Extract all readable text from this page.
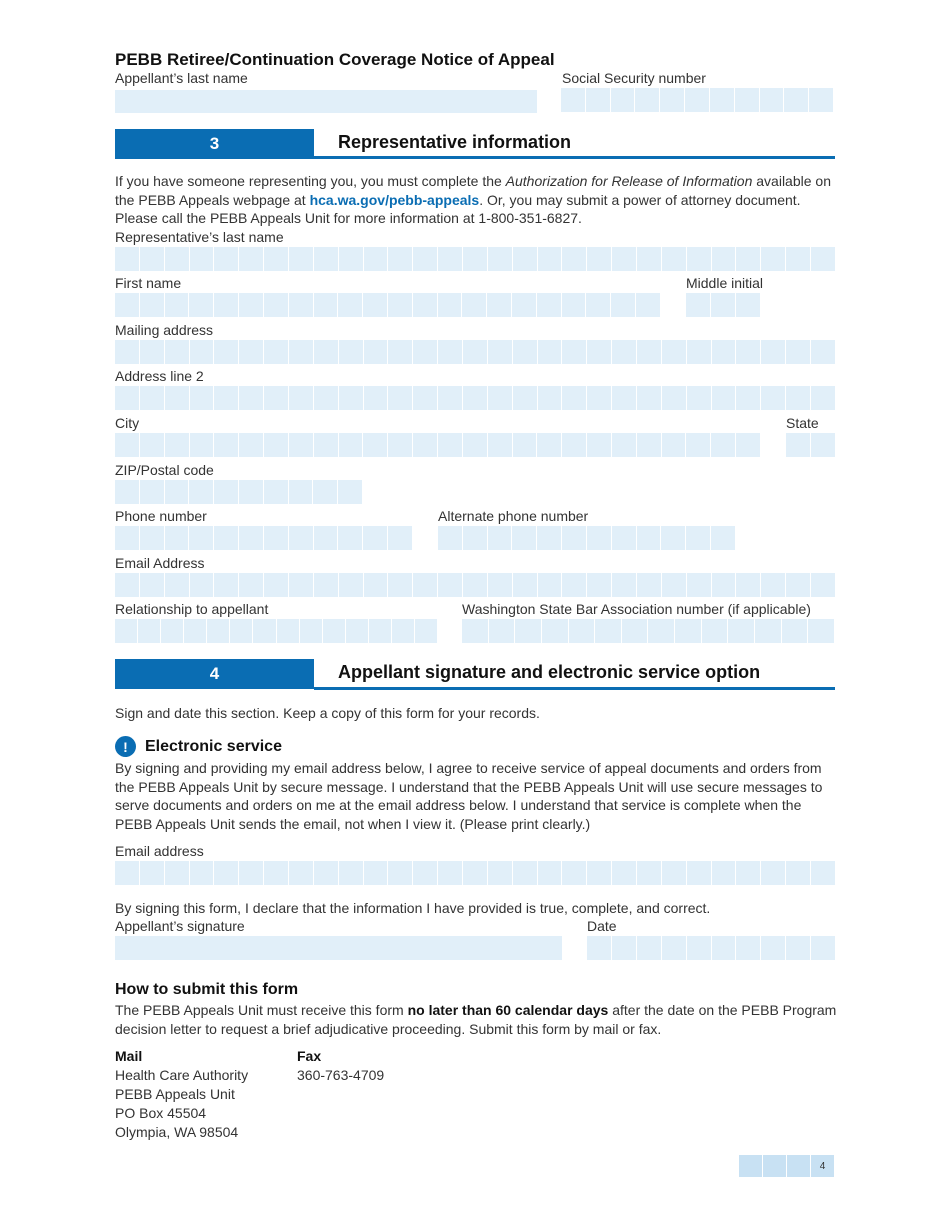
PEBB Retiree/Continuation Coverage Notice of Appeal
Appellant’s last name	Social Security number
3	Representative information
If you have someone representing you, you must complete the Authorization for Release of Information available on the PEBB Appeals webpage at hca.wa.gov/pebb-appeals. Or, you may submit a power of attorney document. Please call the PEBB Appeals Unit for more information at 1-800-351-6827.
Representative’s last name
First name	Middle initial
Mailing address
Address line 2
City	State
ZIP/Postal code
Phone number	Alternate phone number
Email Address
Relationship to appellant	Washington State Bar Association number (if applicable)
4	Appellant signature and electronic service option
Sign and date this section. Keep a copy of this form for your records.
!	Electronic service
By signing and providing my email address below, I agree to receive service of appeal documents and orders from the PEBB Appeals Unit by secure message. I understand that the PEBB Appeals Unit will use secure messages to serve documents and orders on me at the email address below. I understand that service is complete when the PEBB Appeals Unit sends the email, not when I view it. (Please print clearly.)
Email address
By signing this form, I declare that the information I have provided is true, complete, and correct.
Appellant’s signature	Date
How to submit this form
The PEBB Appeals Unit must receive this form no later than 60 calendar days after the date on the PEBB Program decision letter to request a brief adjudicative proceeding. Submit this form by mail or fax.
Mail
Health Care Authority
PEBB Appeals Unit
PO Box 45504
Olympia, WA 98504
Fax
360-763-4709
4
